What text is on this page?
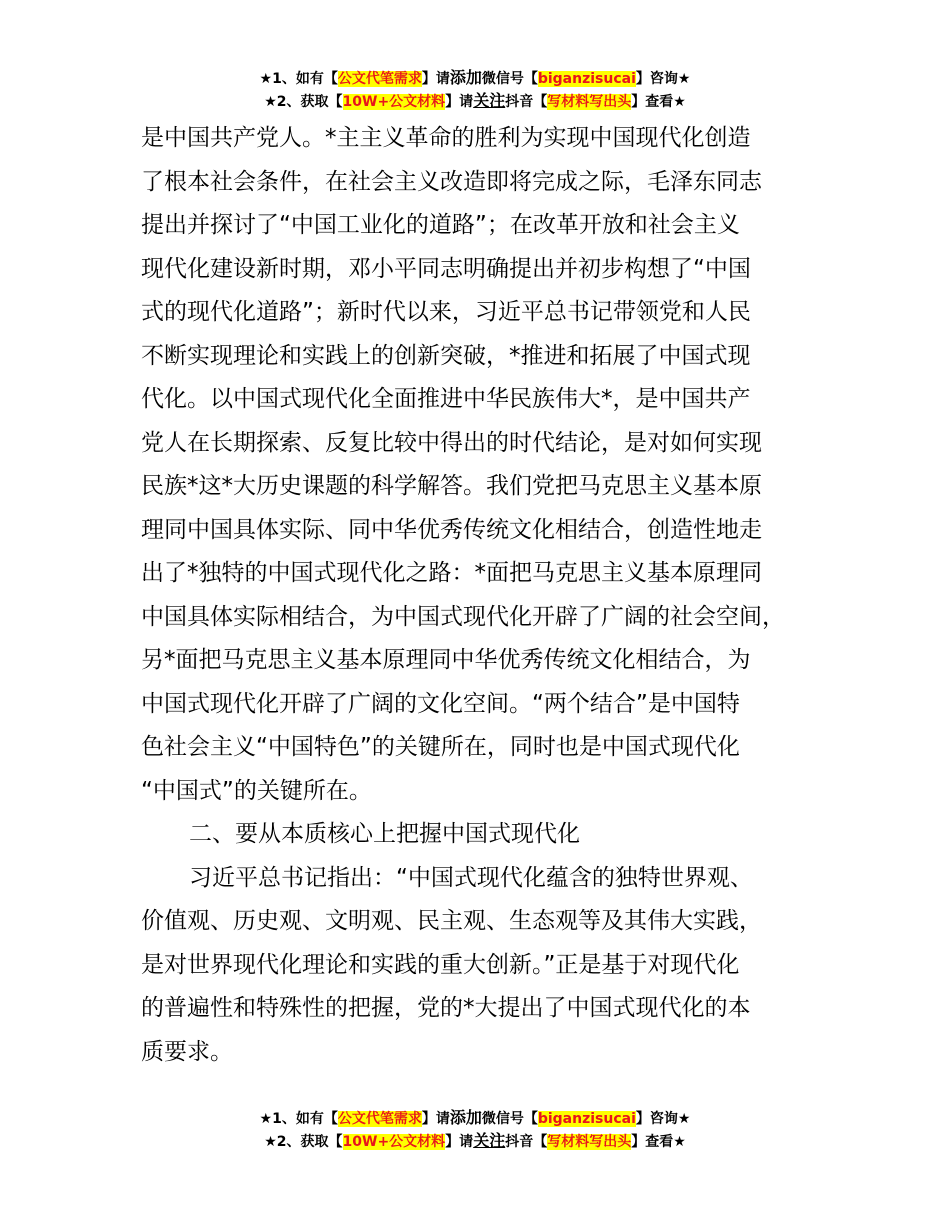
★1、如有【公文代笔需求】请添加微信号【biganzisucai】咨询★
★2、获取【10W+公文材料】请关注抖音【写材料写出头】查看★
是中国共产党人。*主主义革命的胜利为实现中国现代化创造
了根本社会条件，在社会主义改造即将完成之际，毛泽东同志
提出并探讨了“中国工业化的道路”；在改革开放和社会主义
现代化建设新时期，邓小平同志明确提出并初步构想了“中国
式的现代化道路”；新时代以来，习近平总书记带领党和人民
不断实现理论和实践上的创新突破，*推进和拓展了中国式现
代化。以中国式现代化全面推进中华民族伟大*，是中国共产
党人在长期探索、反复比较中得出的时代结论，是对如何实现
民族*这*大历史课题的科学解答。我们党把马克思主义基本原
理同中国具体实际、同中华优秀传统文化相结合，创造性地走
出了*独特的中国式现代化之路：*面把马克思主义基本原理同
中国具体实际相结合，为中国式现代化开辟了广阔的社会空间，
另*面把马克思主义基本原理同中华优秀传统文化相结合，为
中国式现代化开辟了广阔的文化空间。“两个结合”是中国特
色社会主义“中国特色”的关键所在，同时也是中国式现代化
“中国式”的关键所在。
二、要从本质核心上把握中国式现代化
习近平总书记指出：“中国式现代化蕴含的独特世界观、
价值观、历史观、文明观、民主观、生态观等及其伟大实践，
是对世界现代化理论和实践的重大创新。”正是基于对现代化
的普遍性和特殊性的把握，党的*大提出了中国式现代化的本
质要求。
★1、如有【公文代笔需求】请添加微信号【biganzisucai】咨询★
★2、获取【10W+公文材料】请关注抖音【写材料写出头】查看★
